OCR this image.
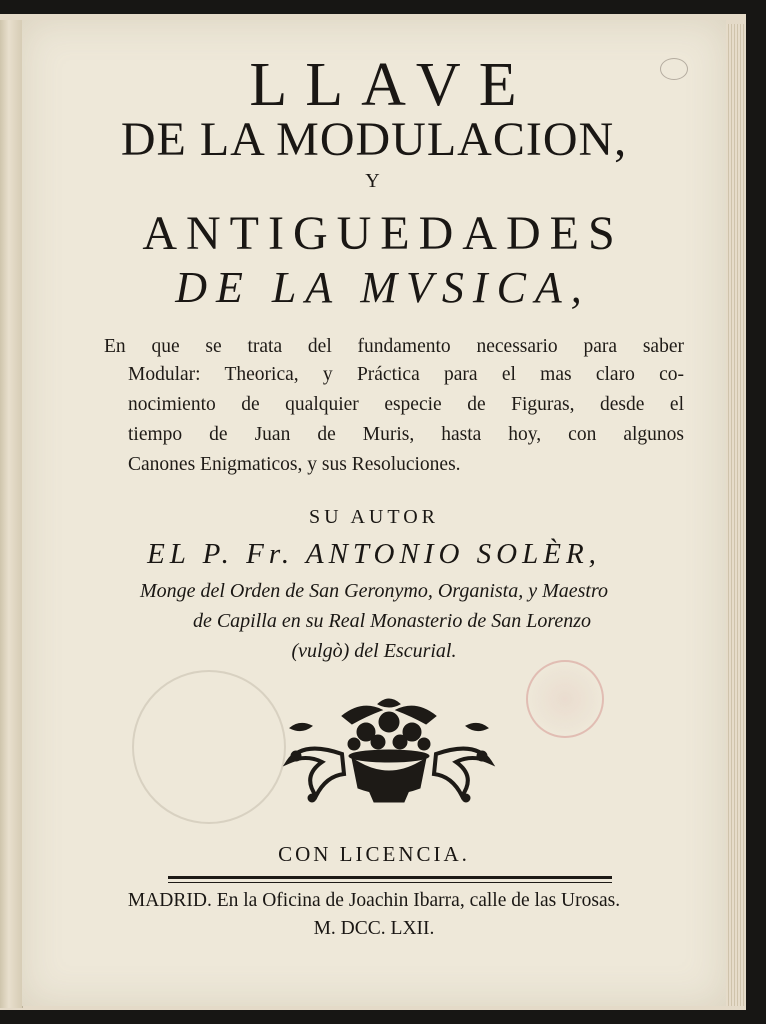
LLAVE
DE LA MODULACION,
Y
ANTIGUEDADES
DE LA MVSICA,
En que se trata del fundamento necessario para saber
Modular: Theorica, y Práctica para el mas claro co-
nocimiento de qualquier especie de Figuras, desde el
tiempo de Juan de Muris, hasta hoy, con algunos
Canones Enigmaticos, y sus Resoluciones.
SU AUTOR
EL P. Fr. ANTONIO SOLÈR,
Monge del Orden de San Geronymo, Organista, y Maestro
de Capilla en su Real Monasterio de San Lorenzo
(vulgò) del Escurial.
CON LICENCIA.
MADRID. En la Oficina de Joachin Ibarra, calle de las Urosas.
M. DCC. LXII.
